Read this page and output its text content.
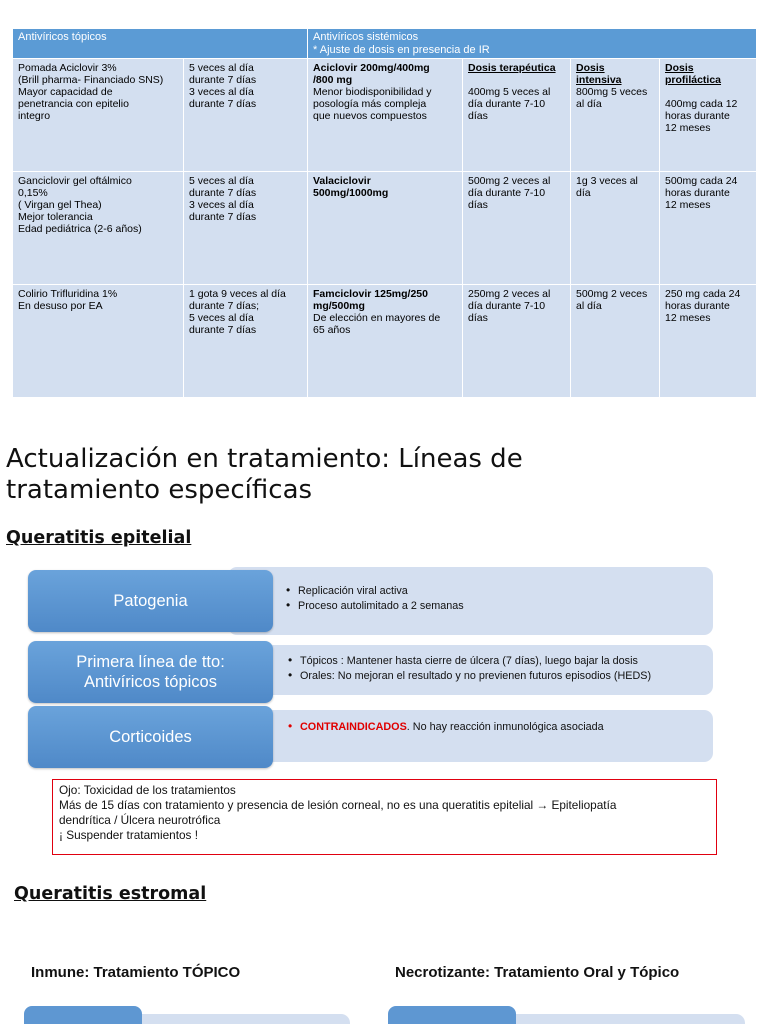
Antivíricos tópicos		Antivíricos sistémicos
* Ajuste de dosis en presencia de IR			
Pomada Aciclovir 3%
(Brill pharma- Financiado SNS)
Mayor capacidad de
penetrancia con epitelio
integro	5 veces al día
durante 7 días
3 veces al día
durante 7 días	Aciclovir 200mg/400mg
/800 mg
Menor biodisponibilidad y
posología más compleja
que nuevos compuestos	Dosis terapéutica
400mg 5 veces al
día durante 7-10
días	Dosis
intensiva
800mg 5 veces
al día	Dosis
profiláctica
400mg cada 12
horas durante
12 meses
Ganciclovir gel oftálmico
0,15%
( Virgan gel Thea)
Mejor tolerancia
Edad pediátrica (2-6 años)	5 veces al día
durante 7 días
3 veces al día
durante 7 días	Valaciclovir
500mg/1000mg	500mg 2 veces al
día durante 7-10
días	1g 3 veces al
día	500mg cada 24
horas durante
12 meses
Colirio Trifluridina 1%
En desuso por EA	1 gota 9 veces al día
durante 7 días;
5 veces al día
durante 7 días	Famciclovir 125mg/250
mg/500mg
De elección en mayores de
65 años	250mg 2 veces al
día durante 7-10
días	500mg 2 veces
al día	250 mg cada 24
horas durante
12 meses
Actualización en tratamiento: Líneas de
tratamiento específicas
Queratitis epitelial
Patogenia
• Replicación viral activa
• Proceso autolimitado a 2 semanas
Primera línea de tto:
Antivíricos tópicos
• Tópicos : Mantener hasta cierre de úlcera (7 días), luego bajar la dosis
• Orales: No mejoran el resultado y no previenen futuros episodios (HEDS)
Corticoides
• CONTRAINDICADOS. No hay reacción inmunológica asociada
Ojo: Toxicidad de los tratamientos
Más de 15 días con tratamiento y presencia de lesión corneal, no es una queratitis epitelial → Epiteliopatía
dendrítica / Úlcera neurotrófica
¡ Suspender tratamientos !
Queratitis estromal
Inmune: Tratamiento TÓPICO	Necrotizante: Tratamiento Oral y Tópico
